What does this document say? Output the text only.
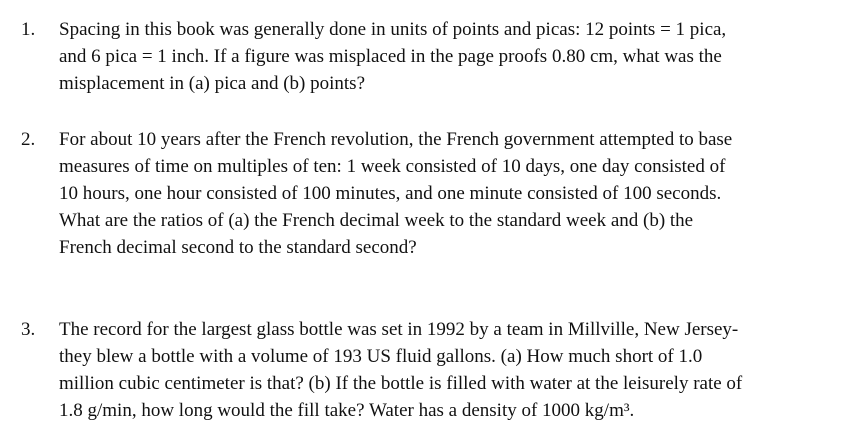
1. Spacing in this book was generally done in units of points and picas: 12 points = 1 pica,
and 6 pica = 1 inch. If a figure was misplaced in the page proofs 0.80 cm, what was the
misplacement in (a) pica and (b) points?
2. For about 10 years after the French revolution, the French government attempted to base
measures of time on multiples of ten: 1 week consisted of 10 days, one day consisted of
10 hours, one hour consisted of 100 minutes, and one minute consisted of 100 seconds.
What are the ratios of (a) the French decimal week to the standard week and (b) the
French decimal second to the standard second?
3. The record for the largest glass bottle was set in 1992 by a team in Millville, New Jersey-
they blew a bottle with a volume of 193 US fluid gallons. (a) How much short of 1.0
million cubic centimeter is that? (b) If the bottle is filled with water at the leisurely rate of
1.8 g/min, how long would the fill take? Water has a density of 1000 kg/m³.
